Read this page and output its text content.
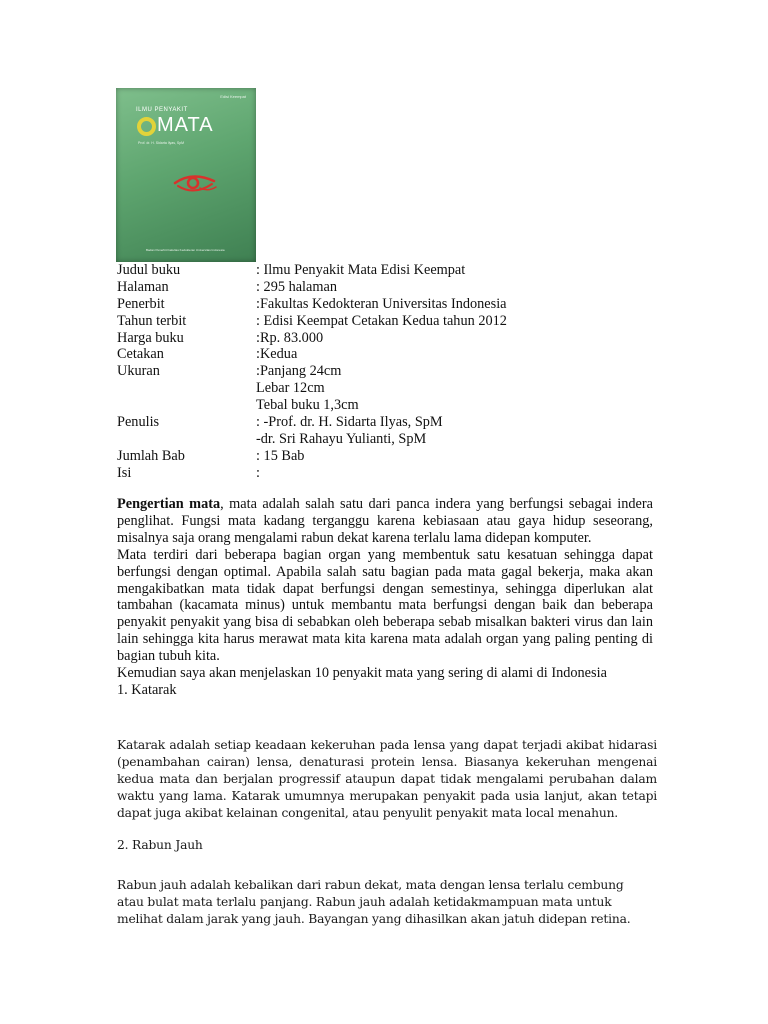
Edisi Keempat
ILMU PENYAKIT
MATA
Prof. dr. H. Sidarta Ilyas, SpM
Badan Penerbit Fakultas Kedokteran Universitas Indonesia
Judul buku	: Ilmu Penyakit Mata Edisi Keempat
Halaman	: 295 halaman
Penerbit	:Fakultas Kedokteran Universitas Indonesia
Tahun terbit	: Edisi Keempat Cetakan Kedua tahun 2012
Harga buku	:Rp. 83.000
Cetakan	:Kedua
Ukuran	:Panjang 24cm
Lebar 12cm
Tebal buku 1,3cm
Penulis	: -Prof. dr. H. Sidarta Ilyas, SpM
-dr. Sri Rahayu Yulianti, SpM
Jumlah Bab	: 15 Bab
Isi	:

Pengertian mata, mata adalah salah satu dari panca indera yang berfungsi sebagai indera penglihat. Fungsi mata kadang terganggu karena kebiasaan atau gaya hidup seseorang, misalnya saja orang mengalami rabun dekat karena terlalu lama didepan komputer.

Mata terdiri dari beberapa bagian organ yang membentuk satu kesatuan sehingga dapat berfungsi dengan optimal. Apabila salah satu bagian pada mata gagal bekerja, maka akan mengakibatkan mata tidak dapat berfungsi dengan semestinya, sehingga diperlukan alat tambahan (kacamata minus) untuk membantu mata berfungsi dengan baik dan beberapa penyakit penyakit yang bisa di sebabkan oleh beberapa sebab misalkan bakteri virus dan lain lain sehingga kita harus merawat mata kita karena mata adalah organ yang paling penting di bagian tubuh kita.

Kemudian saya akan menjelaskan 10 penyakit mata yang sering di alami di Indonesia

1. Katarak

Katarak adalah setiap keadaan kekeruhan pada lensa yang dapat terjadi akibat hidarasi (penambahan cairan) lensa, denaturasi protein lensa. Biasanya kekeruhan mengenai kedua mata dan berjalan progressif ataupun dapat tidak mengalami perubahan dalam waktu yang lama. Katarak umumnya merupakan penyakit pada usia lanjut, akan tetapi dapat juga akibat kelainan congenital, atau penyulit penyakit mata local menahun.

2. Rabun Jauh

Rabun jauh adalah kebalikan dari rabun dekat, mata dengan lensa terlalu cembung atau bulat mata terlalu panjang. Rabun jauh adalah ketidakmampuan mata untuk melihat dalam jarak yang jauh. Bayangan yang dihasilkan akan jatuh didepan retina.
